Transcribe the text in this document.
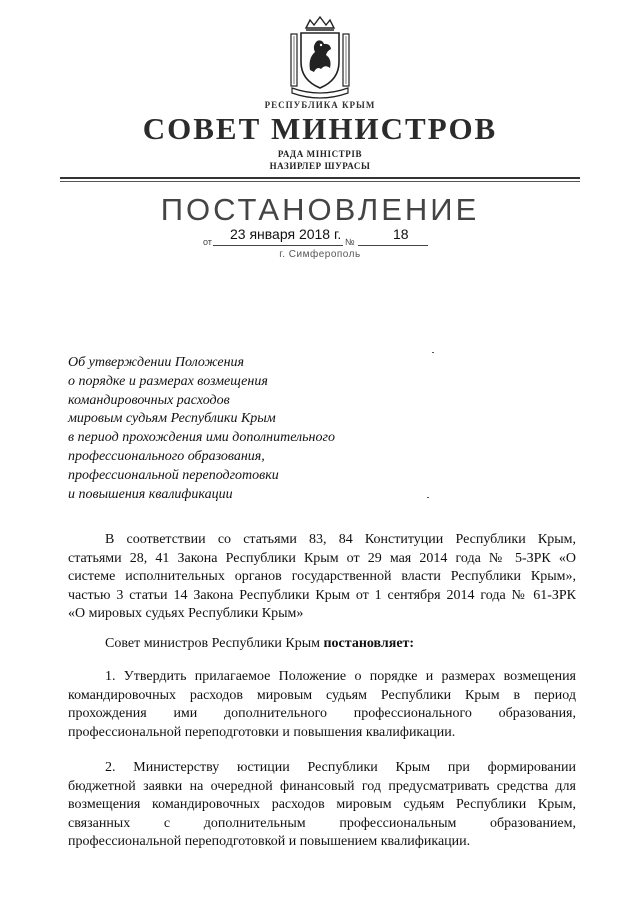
РЕСПУБЛИКА КРЫМ
СОВЕТ МИНИСТРОВ
РАДА МІНІСТРІВ
НАЗИРЛЕР ШУРАСЫ
ПОСТАНОВЛЕНИЕ
от 23 января 2018 г. №	18
г. Симферополь
Об утверждении Положения
о порядке и размерах возмещения
командировочных расходов
мировым судьям Республики Крым
в период прохождения ими дополнительного
профессионального образования,
профессиональной переподготовки
и повышения квалификации
В соответствии со статьями 83, 84 Конституции Республики Крым,
статьями 28, 41 Закона Республики Крым от 29 мая 2014 года № 5-ЗРК «О
системе исполнительных органов государственной власти Республики Крым»,
частью 3 статьи 14 Закона Республики Крым от 1 сентября 2014 года № 61-ЗРК
«О мировых судьях Республики Крым»
Совет министров Республики Крым постановляет:
1. Утвердить прилагаемое Положение о порядке и размерах возмещения
командировочных расходов мировым судьям Республики Крым в период
прохождения ими дополнительного профессионального образования,
профессиональной переподготовки и повышения квалификации.
2. Министерству юстиции Республики Крым при формировании
бюджетной заявки на очередной финансовый год предусматривать средства для
возмещения командировочных расходов мировым судьям Республики Крым,
связанных с дополнительным профессиональным образованием,
профессиональной переподготовкой и повышением квалификации.
